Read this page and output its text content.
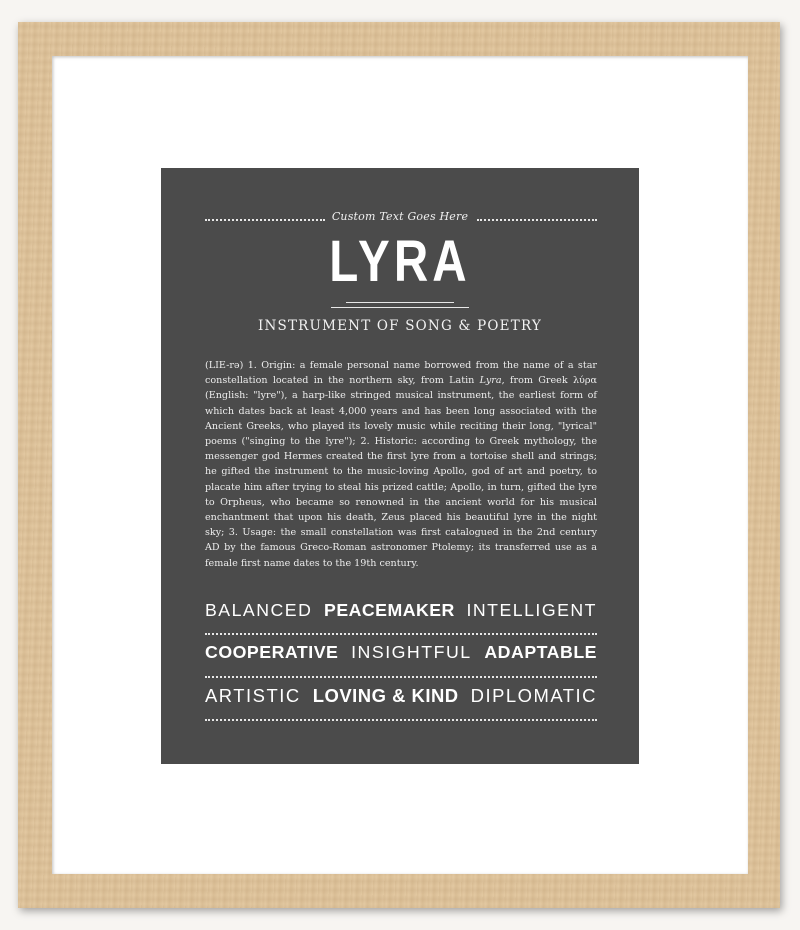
Custom Text Goes Here
LYRA
INSTRUMENT OF SONG & POETRY
(LIE-rə) 1. Origin: a female personal name borrowed from the name of a star constellation located in the northern sky, from Latin Lyra, from Greek λύρα (English: "lyre"), a harp-like stringed musical instrument, the earliest form of which dates back at least 4,000 years and has been long associated with the Ancient Greeks, who played its lovely music while reciting their long, "lyrical" poems ("singing to the lyre"); 2. Historic: according to Greek mythology, the messenger god Hermes created the first lyre from a tortoise shell and strings; he gifted the instrument to the music-loving Apollo, god of art and poetry, to placate him after trying to steal his prized cattle; Apollo, in turn, gifted the lyre to Orpheus, who became so renowned in the ancient world for his musical enchantment that upon his death, Zeus placed his beautiful lyre in the night sky; 3. Usage: the small constellation was first catalogued in the 2nd century AD by the famous Greco-Roman astronomer Ptolemy; its transferred use as a female first name dates to the 19th century.
BALANCED PEACEMAKER INTELLIGENT
COOPERATIVE INSIGHTFUL ADAPTABLE
ARTISTIC LOVING & KIND DIPLOMATIC
